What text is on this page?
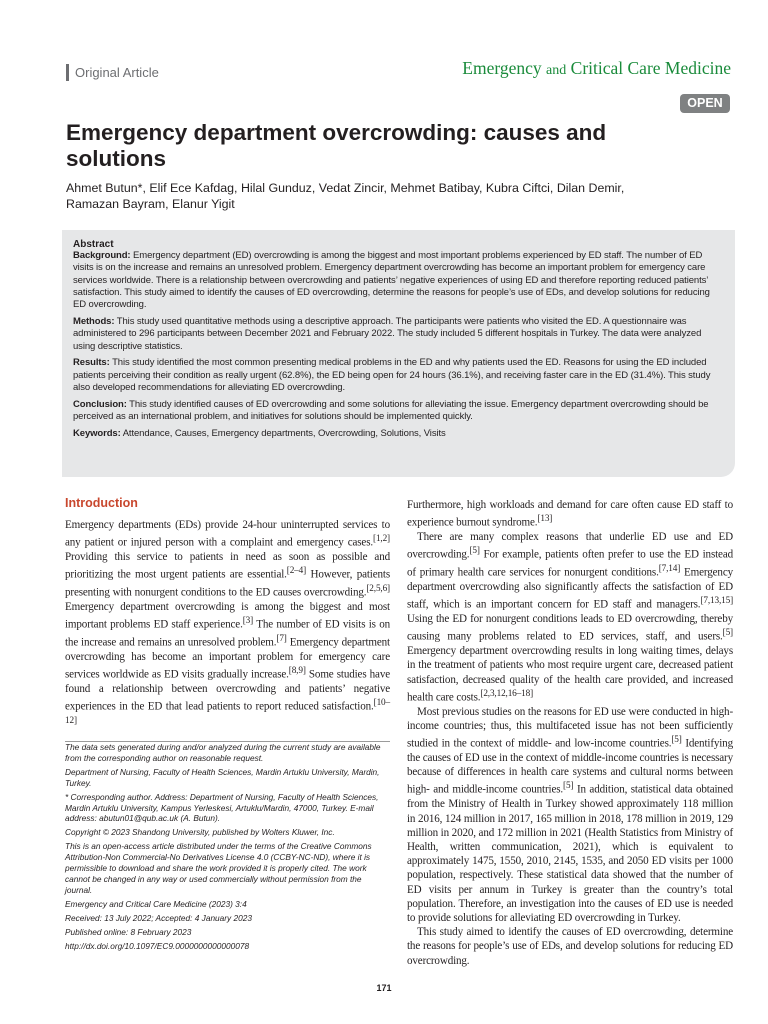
Original Article	Emergency and Critical Care Medicine
OPEN
Emergency department overcrowding: causes and solutions
Ahmet Butun*, Elif Ece Kafdag, Hilal Gunduz, Vedat Zincir, Mehmet Batibay, Kubra Ciftci, Dilan Demir, Ramazan Bayram, Elanur Yigit
Abstract

Background: Emergency department (ED) overcrowding is among the biggest and most important problems experienced by ED staff. The number of ED visits is on the increase and remains an unresolved problem. Emergency department overcrowding has become an important problem for emergency care services worldwide. There is a relationship between overcrowding and patients’ negative experiences of using ED and therefore reporting reduced patients’ satisfaction. This study aimed to identify the causes of ED overcrowding, determine the reasons for people’s use of EDs, and develop solutions for reducing ED overcrowding.

Methods: This study used quantitative methods using a descriptive approach. The participants were patients who visited the ED. A questionnaire was administered to 296 participants between December 2021 and February 2022. The study included 5 different hospitals in Turkey. The data were analyzed using descriptive statistics.

Results: This study identified the most common presenting medical problems in the ED and why patients used the ED. Reasons for using the ED included patients perceiving their condition as really urgent (62.8%), the ED being open for 24 hours (36.1%), and receiving faster care in the ED (31.4%). This study also developed recommendations for alleviating ED overcrowding.

Conclusion: This study identified causes of ED overcrowding and some solutions for alleviating the issue. Emergency department overcrowding should be perceived as an international problem, and initiatives for solutions should be implemented quickly.

Keywords: Attendance, Causes, Emergency departments, Overcrowding, Solutions, Visits

Introduction

Emergency departments (EDs) provide 24-hour uninterrupted services to any patient or injured person with a complaint and emergency cases.[1,2] Providing this service to patients in need as soon as possible and prioritizing the most urgent patients are essential.[2–4] However, patients presenting with nonurgent conditions to the ED causes overcrowding.[2,5,6] Emergency department overcrowding is among the biggest and most important problems ED staff experience.[3] The number of ED visits is on the increase and remains an unresolved problem.[7] Emergency department overcrowding has become an important problem for emergency care services worldwide as ED visits gradually increase.[8,9] Some studies have found a relationship between overcrowding and patients’ negative experiences in the ED that lead patients to report reduced satisfaction.[10–12]

The data sets generated during and/or analyzed during the current study are available from the corresponding author on reasonable request.

Department of Nursing, Faculty of Health Sciences, Mardin Artuklu University, Mardin, Turkey.

* Corresponding author. Address: Department of Nursing, Faculty of Health Sciences, Mardin Artuklu University, Kampus Yerleskesi, Artuklu/Mardin, 47000, Turkey. E-mail address: abutun01@qub.ac.uk (A. Butun).

Copyright © 2023 Shandong University, published by Wolters Kluwer, Inc.

This is an open-access article distributed under the terms of the Creative Commons Attribution-Non Commercial-No Derivatives License 4.0 (CCBY-NC-ND), where it is permissible to download and share the work provided it is properly cited. The work cannot be changed in any way or used commercially without permission from the journal.

Emergency and Critical Care Medicine (2023) 3:4

Received: 13 July 2022; Accepted: 4 January 2023

Published online: 8 February 2023

http://dx.doi.org/10.1097/EC9.0000000000000078

Furthermore, high workloads and demand for care often cause ED staff to experience burnout syndrome.[13]

There are many complex reasons that underlie ED use and ED overcrowding.[5] For example, patients often prefer to use the ED instead of primary health care services for nonurgent conditions.[7,14] Emergency department overcrowding also significantly affects the satisfaction of ED staff, which is an important concern for ED staff and managers.[7,13,15] Using the ED for nonurgent conditions leads to ED overcrowding, thereby causing many problems related to ED services, staff, and users.[5] Emergency department overcrowding results in long waiting times, delays in the treatment of patients who most require urgent care, decreased patient satisfaction, decreased quality of the health care provided, and increased health care costs.[2,3,12,16–18]

Most previous studies on the reasons for ED use were conducted in high-income countries; thus, this multifaceted issue has not been sufficiently studied in the context of middle- and low-income countries.[5] Identifying the causes of ED use in the context of middle-income countries is necessary because of differences in health care systems and cultural norms between high- and middle-income countries.[5] In addition, statistical data obtained from the Ministry of Health in Turkey showed approximately 118 million in 2016, 124 million in 2017, 165 million in 2018, 178 million in 2019, 129 million in 2020, and 172 million in 2021 (Health Statistics from Ministry of Health, written communication, 2021), which is equivalent to approximately 1475, 1550, 2010, 2145, 1535, and 2050 ED visits per 1000 population, respectively. These statistical data showed that the number of ED visits per annum in Turkey is greater than the country’s total population. Therefore, an investigation into the causes of ED use is needed to provide solutions for alleviating ED overcrowding in Turkey.

This study aimed to identify the causes of ED overcrowding, determine the reasons for people’s use of EDs, and develop solutions for reducing ED overcrowding.

171
